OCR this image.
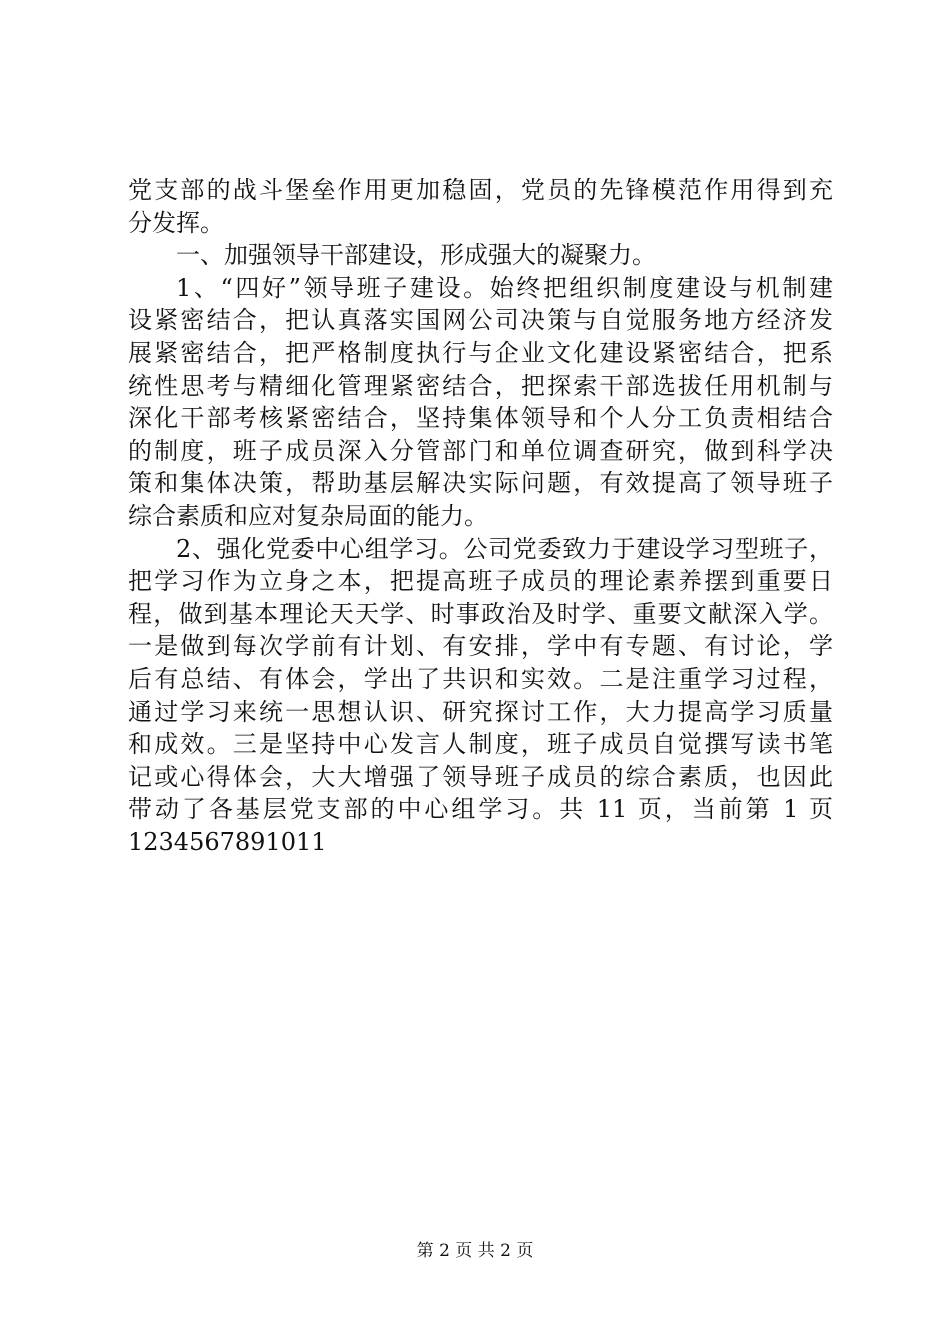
党支部的战斗堡垒作用更加稳固，党员的先锋模范作用得到充
分发挥。
一、加强领导干部建设，形成强大的凝聚力。
1、“四好”领导班子建设。始终把组织制度建设与机制建
设紧密结合，把认真落实国网公司决策与自觉服务地方经济发
展紧密结合，把严格制度执行与企业文化建设紧密结合，把系
统性思考与精细化管理紧密结合，把探索干部选拔任用机制与
深化干部考核紧密结合，坚持集体领导和个人分工负责相结合
的制度，班子成员深入分管部门和单位调查研究，做到科学决
策和集体决策，帮助基层解决实际问题，有效提高了领导班子
综合素质和应对复杂局面的能力。
2、强化党委中心组学习。公司党委致力于建设学习型班子，
把学习作为立身之本，把提高班子成员的理论素养摆到重要日
程，做到基本理论天天学、时事政治及时学、重要文献深入学。
一是做到每次学前有计划、有安排，学中有专题、有讨论，学
后有总结、有体会，学出了共识和实效。二是注重学习过程，
通过学习来统一思想认识、研究探讨工作，大力提高学习质量
和成效。三是坚持中心发言人制度，班子成员自觉撰写读书笔
记或心得体会，大大增强了领导班子成员的综合素质，也因此
带动了各基层党支部的中心组学习。共 11 页，当前第 1 页
1234567891011
第 2 页 共 2 页
